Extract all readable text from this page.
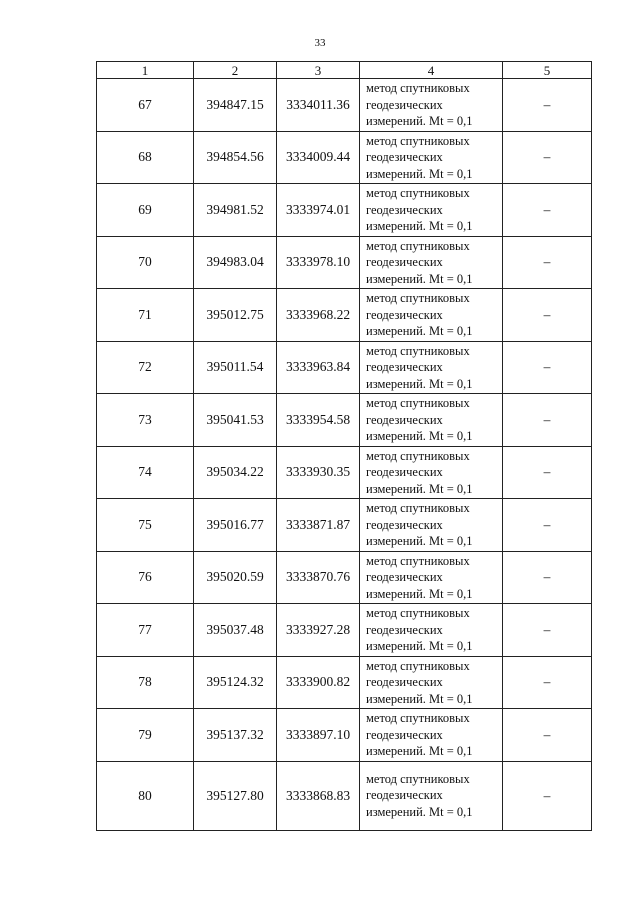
33
1	2	3	4	5
67	394847.15	3334011.36	метод спутниковых
геодезических
измерений. Mt = 0,1	–
68	394854.56	3334009.44	метод спутниковых
геодезических
измерений. Mt = 0,1	–
69	394981.52	3333974.01	метод спутниковых
геодезических
измерений. Mt = 0,1	–
70	394983.04	3333978.10	метод спутниковых
геодезических
измерений. Mt = 0,1	–
71	395012.75	3333968.22	метод спутниковых
геодезических
измерений. Mt = 0,1	–
72	395011.54	3333963.84	метод спутниковых
геодезических
измерений. Mt = 0,1	–
73	395041.53	3333954.58	метод спутниковых
геодезических
измерений. Mt = 0,1	–
74	395034.22	3333930.35	метод спутниковых
геодезических
измерений. Mt = 0,1	–
75	395016.77	3333871.87	метод спутниковых
геодезических
измерений. Mt = 0,1	–
76	395020.59	3333870.76	метод спутниковых
геодезических
измерений. Mt = 0,1	–
77	395037.48	3333927.28	метод спутниковых
геодезических
измерений. Mt = 0,1	–
78	395124.32	3333900.82	метод спутниковых
геодезических
измерений. Mt = 0,1	–
79	395137.32	3333897.10	метод спутниковых
геодезических
измерений. Mt = 0,1	–
80	395127.80	3333868.83	метод спутниковых
геодезических
измерений. Mt = 0,1	–
